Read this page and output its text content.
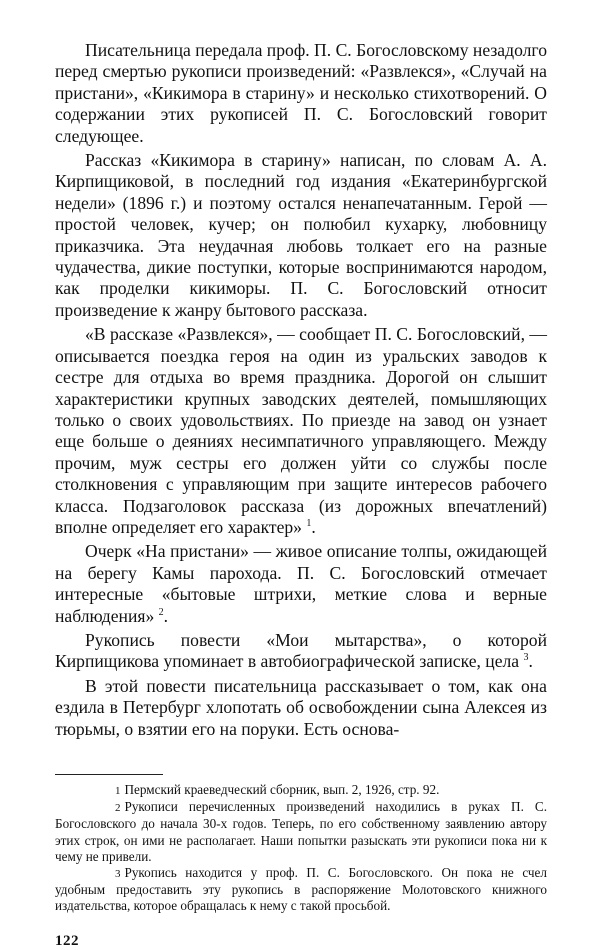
Писательница передала проф. П. С. Богословскому незадолго перед смертью рукописи произведений: «Развлекся», «Случай на пристани», «Кикимора в старину» и несколько стихотворений. О содержании этих рукописей П. С. Богословский говорит следующее.

Рассказ «Кикимора в старину» написан, по словам А. А. Кирпищиковой, в последний год издания «Екатеринбургской недели» (1896 г.) и поэтому остался ненапечатанным. Герой — простой человек, кучер; он полюбил кухарку, любовницу приказчика. Эта неудачная любовь толкает его на разные чудачества, дикие поступки, которые воспринимаются народом, как проделки кикиморы. П. С. Богословский относит произведение к жанру бытового рассказа.

«В рассказе «Развлекся», — сообщает П. С. Богословский, — описывается поездка героя на один из уральских заводов к сестре для отдыха во время праздника. Дорогой он слышит характеристики крупных заводских деятелей, помышляющих только о своих удовольствиях. По приезде на завод он узнает еще больше о деяниях несимпатичного управляющего. Между прочим, муж сестры его должен уйти со службы после столкновения с управляющим при защите интересов рабочего класса. Подзаголовок рассказа (из дорожных впечатлений) вполне определяет его характер» $^1$.

Очерк «На пристани» — живое описание толпы, ожидающей на берегу Камы парохода. П. С. Богословский отмечает интересные «бытовые штрихи, меткие слова и верные наблюдения» $^2$.

Рукопись повести «Мои мытарства», о которой Кирпищикова упоминает в автобиографической записке, цела $^3$.

В этой повести писательница рассказывает о том, как она ездила в Петербург хлопотать об освобождении сына Алексея из тюрьмы, о взятии его на поруки. Есть основа-

1 Пермский краеведческий сборник, вып. 2, 1926, стр. 92.

2 Рукописи перечисленных произведений находились в руках П. С. Богословского до начала 30-х годов. Теперь, по его собственному заявлению автору этих строк, он ими не располагает. Наши попытки разыскать эти рукописи пока ни к чему не привели.

3 Рукопись находится у проф. П. С. Богословского. Он пока не счел удобным предоставить эту рукопись в распоряжение Молотовского книжного издательства, которое обращалась к нему с такой просьбой.

122
